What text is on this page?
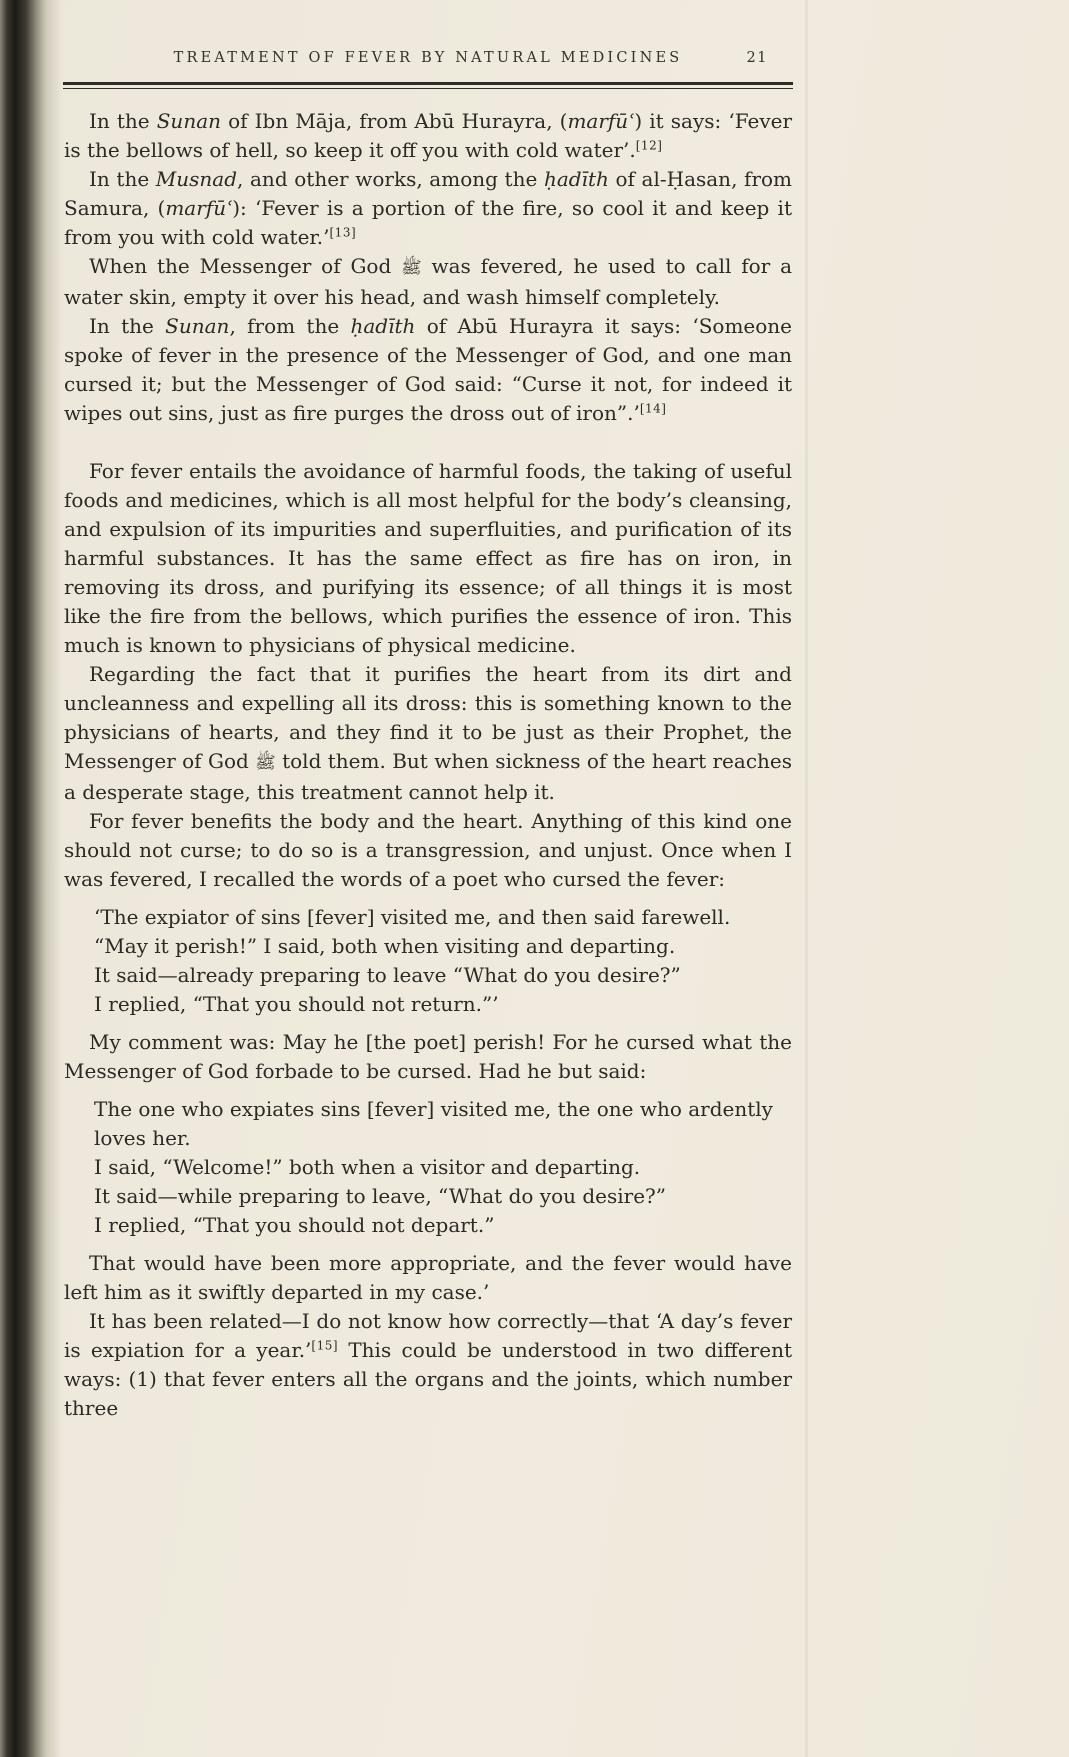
TREATMENT OF FEVER BY NATURAL MEDICINES	21

In the Sunan of Ibn Māja, from Abū Hurayra, (marfūʿ) it says: ‘Fever is the bellows of hell, so keep it off you with cold water’.[12]

In the Musnad, and other works, among the ḥadīth of al-Ḥasan, from Samura, (marfūʿ): ‘Fever is a portion of the fire, so cool it and keep it from you with cold water.’[13]

When the Messenger of God ﷺ was fevered, he used to call for a water skin, empty it over his head, and wash himself completely.

In the Sunan, from the ḥadīth of Abū Hurayra it says: ‘Someone spoke of fever in the presence of the Messenger of God, and one man cursed it; but the Messenger of God said: “Curse it not, for indeed it wipes out sins, just as fire purges the dross out of iron”.’[14]

For fever entails the avoidance of harmful foods, the taking of useful foods and medicines, which is all most helpful for the body’s cleansing, and expulsion of its impurities and superfluities, and purification of its harmful substances. It has the same effect as fire has on iron, in removing its dross, and purifying its essence; of all things it is most like the fire from the bellows, which purifies the essence of iron. This much is known to physicians of physical medicine.

Regarding the fact that it purifies the heart from its dirt and uncleanness and expelling all its dross: this is something known to the physicians of hearts, and they find it to be just as their Prophet, the Messenger of God ﷺ told them. But when sickness of the heart reaches a desperate stage, this treatment cannot help it.

For fever benefits the body and the heart. Anything of this kind one should not curse; to do so is a transgression, and unjust. Once when I was fevered, I recalled the words of a poet who cursed the fever:

‘The expiator of sins [fever] visited me, and then said farewell.

“May it perish!” I said, both when visiting and departing.

It said—already preparing to leave “What do you desire?”

I replied, “That you should not return.”’

My comment was: May he [the poet] perish! For he cursed what the Messenger of God forbade to be cursed. Had he but said:

The one who expiates sins [fever] visited me, the one who ardently loves her.

I said, “Welcome!” both when a visitor and departing.

It said—while preparing to leave, “What do you desire?”

I replied, “That you should not depart.”

That would have been more appropriate, and the fever would have left him as it swiftly departed in my case.’

It has been related—I do not know how correctly—that ‘A day’s fever is expiation for a year.’[15] This could be understood in two different ways: (1) that fever enters all the organs and the joints, which number three
